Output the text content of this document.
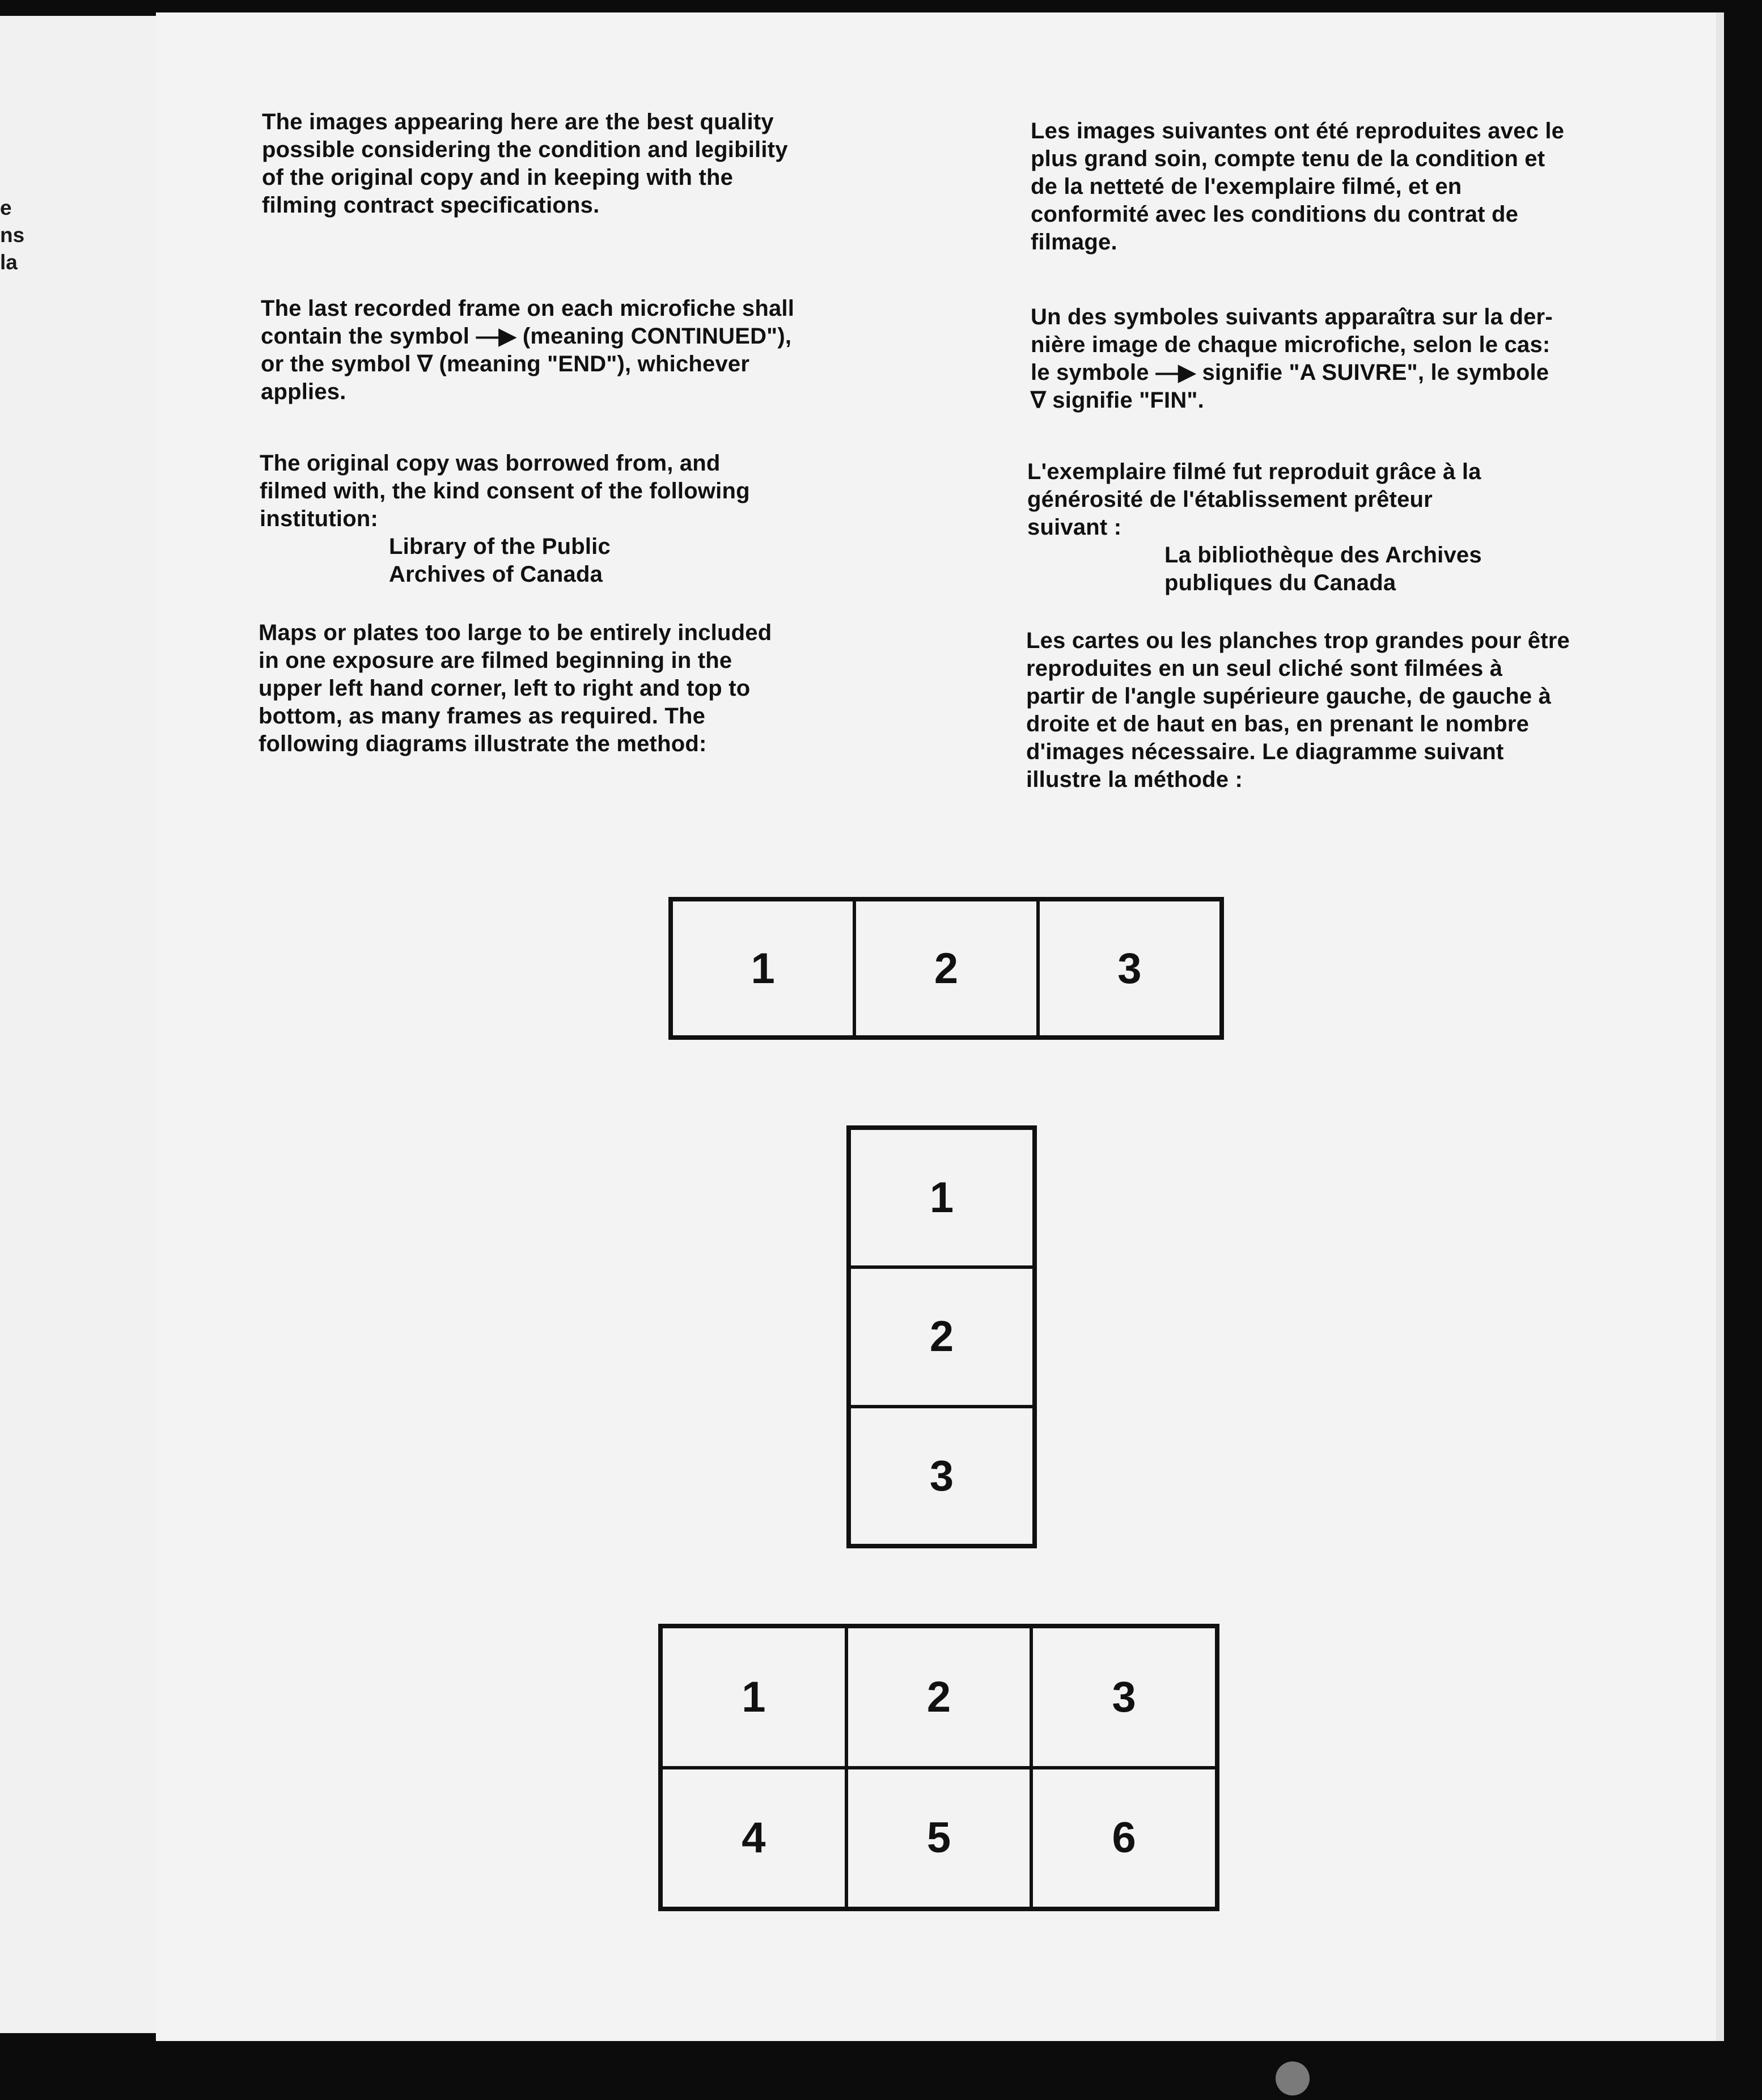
e
ns
la

The images appearing here are the best quality

possible considering the condition and legibility

of the original copy and in keeping with the

filming contract specifications.

The last recorded frame on each microfiche shall

contain the symbol —▶ (meaning CONTINUED"),

or the symbol ∇ (meaning "END"), whichever

applies.

The original copy was borrowed from, and

filmed with, the kind consent of the following

institution:

Library of the Public

Archives of Canada

Maps or plates too large to be entirely included

in one exposure are filmed beginning in the

upper left hand corner, left to right and top to

bottom, as many frames as required. The

following diagrams illustrate the method:

Les images suivantes ont été reproduites avec le

plus grand soin, compte tenu de la condition et

de la netteté de l'exemplaire filmé, et en

conformité avec les conditions du contrat de

filmage.

Un des symboles suivants apparaîtra sur la der-

nière image de chaque microfiche, selon le cas:

le symbole —▶ signifie "A SUIVRE", le symbole

∇ signifie "FIN".

L'exemplaire filmé fut reproduit grâce à la

générosité de l'établissement prêteur

suivant :

La bibliothèque des Archives

publiques du Canada

Les cartes ou les planches trop grandes pour être

reproduites en un seul cliché sont filmées à

partir de l'angle supérieure gauche, de gauche à

droite et de haut en bas, en prenant le nombre

d'images nécessaire. Le diagramme suivant

illustre la méthode :

1	2	3
1
2
3
1	2	3
4	5	6
